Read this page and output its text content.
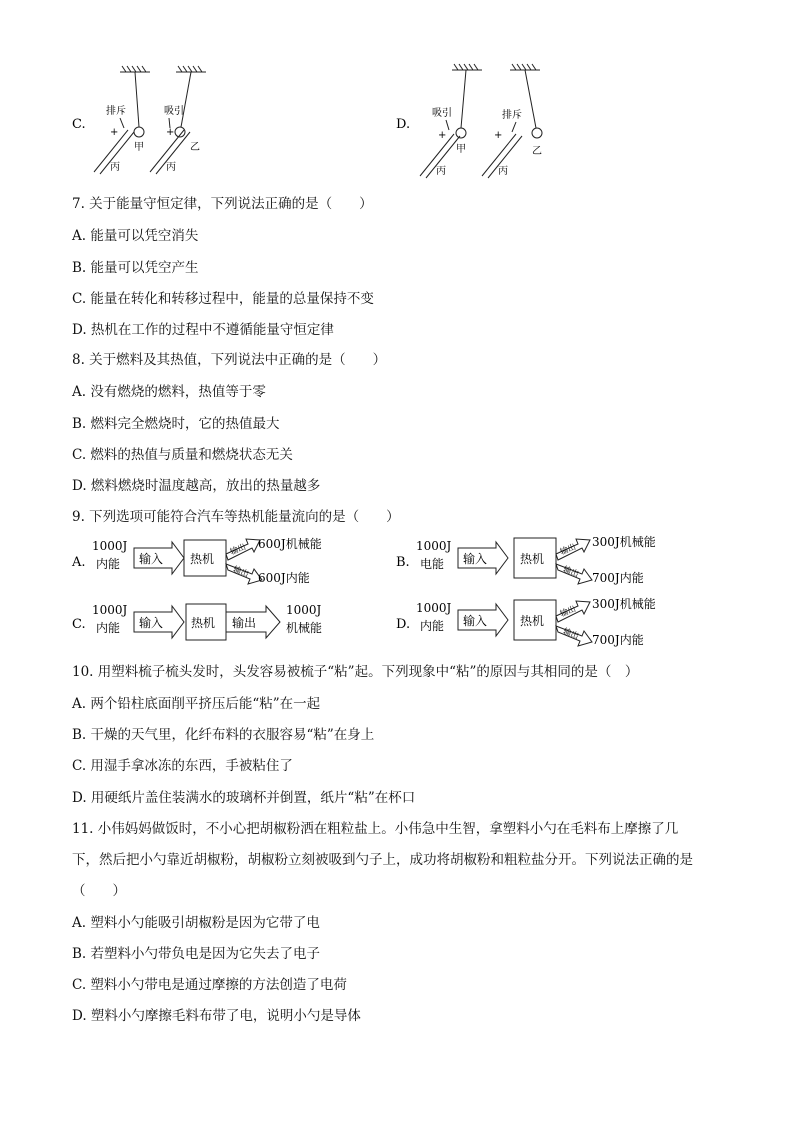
C.
排斥	吸引
+	+
甲	乙
丙	丙
D.
吸引	排斥
+	+
甲	乙
丙	丙
7. 关于能量守恒定律，下列说法正确的是（　　）
A. 能量可以凭空消失
B. 能量可以凭空产生
C. 能量在转化和转移过程中，能量的总量保持不变
D. 热机在工作的过程中不遵循能量守恒定律
8. 关于燃料及其热值，下列说法中正确的是（　　）
A. 没有燃烧的燃料，热值等于零
B. 燃料完全燃烧时，它的热值最大
C. 燃料的热值与质量和燃烧状态无关
D. 燃料燃烧时温度越高，放出的热量越多
9. 下列选项可能符合汽车等热机能量流向的是（　　）
A.
1000J
内能 输入 热机
输出
输出
600J机械能
600J内能
B.
1000J
电能 输入	热机
输出
输出
300J机械能
700J内能
C.
1000J
内能 输入 热机 输出
1000J
机械能	D.
1000J
内能 输入	热机
300J机械能
700J内能
输出
输出
10. 用塑料梳子梳头发时，头发容易被梳子“粘”起。下列现象中“粘”的原因与其相同的是（　）
A. 两个铅柱底面削平挤压后能“粘”在一起
B. 干燥的天气里，化纤布料的衣服容易“粘”在身上
C. 用湿手拿冰冻的东西，手被粘住了
D. 用硬纸片盖住装满水的玻璃杯并倒置，纸片“粘”在杯口
11. 小伟妈妈做饭时，不小心把胡椒粉洒在粗粒盐上。小伟急中生智，拿塑料小勺在毛料布上摩擦了几
下，然后把小勺靠近胡椒粉，胡椒粉立刻被吸到勺子上，成功将胡椒粉和粗粒盐分开。下列说法正确的是
（　　）
A. 塑料小勺能吸引胡椒粉是因为它带了电
B. 若塑料小勺带负电是因为它失去了电子
C. 塑料小勺带电是通过摩擦的方法创造了电荷
D. 塑料小勺摩擦毛料布带了电，说明小勺是导体
